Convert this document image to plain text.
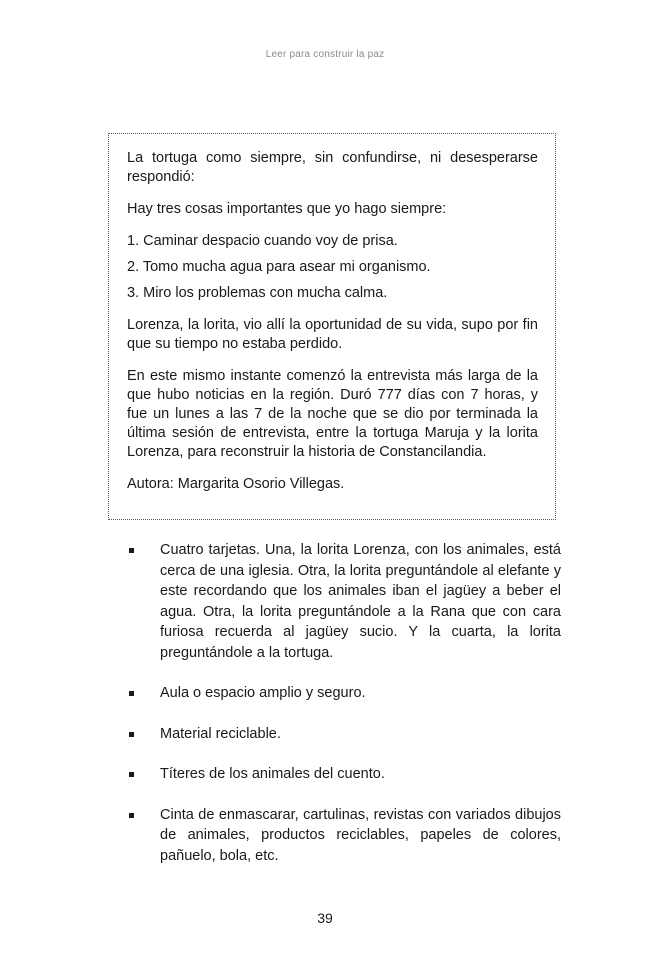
Leer para construir la paz

La tortuga como siempre, sin confundirse, ni desesperarse respondió:

Hay tres cosas importantes que yo hago siempre:

1. Caminar despacio cuando voy de prisa.
2. Tomo mucha agua para asear mi organismo.
3. Miro los problemas con mucha calma.

Lorenza, la lorita, vio allí la oportunidad de su vida, supo por fin que su tiempo no estaba perdido.

En este mismo instante comenzó la entrevista más larga de la que hubo noticias en la región. Duró 777 días con 7 horas, y fue un lunes a las 7 de la noche que se dio por terminada la última sesión de entrevista, entre la tortuga Maruja y la lorita Lorenza, para reconstruir la historia de Constancilandia.

Autora: Margarita Osorio Villegas.

Cuatro tarjetas. Una, la lorita Lorenza, con los animales, está cerca de una iglesia. Otra, la lorita preguntándole al elefante y este recordando que los animales iban el jagüey a beber el agua. Otra, la lorita preguntándole a la Rana que con cara furiosa recuerda al jagüey sucio. Y la cuarta, la lorita preguntándole a la tortuga.
Aula o espacio amplio y seguro.
Material reciclable.
Títeres de los animales del cuento.
Cinta de enmascarar, cartulinas, revistas con variados dibujos de animales, productos reciclables, papeles de colores, pañuelo, bola, etc.
39
